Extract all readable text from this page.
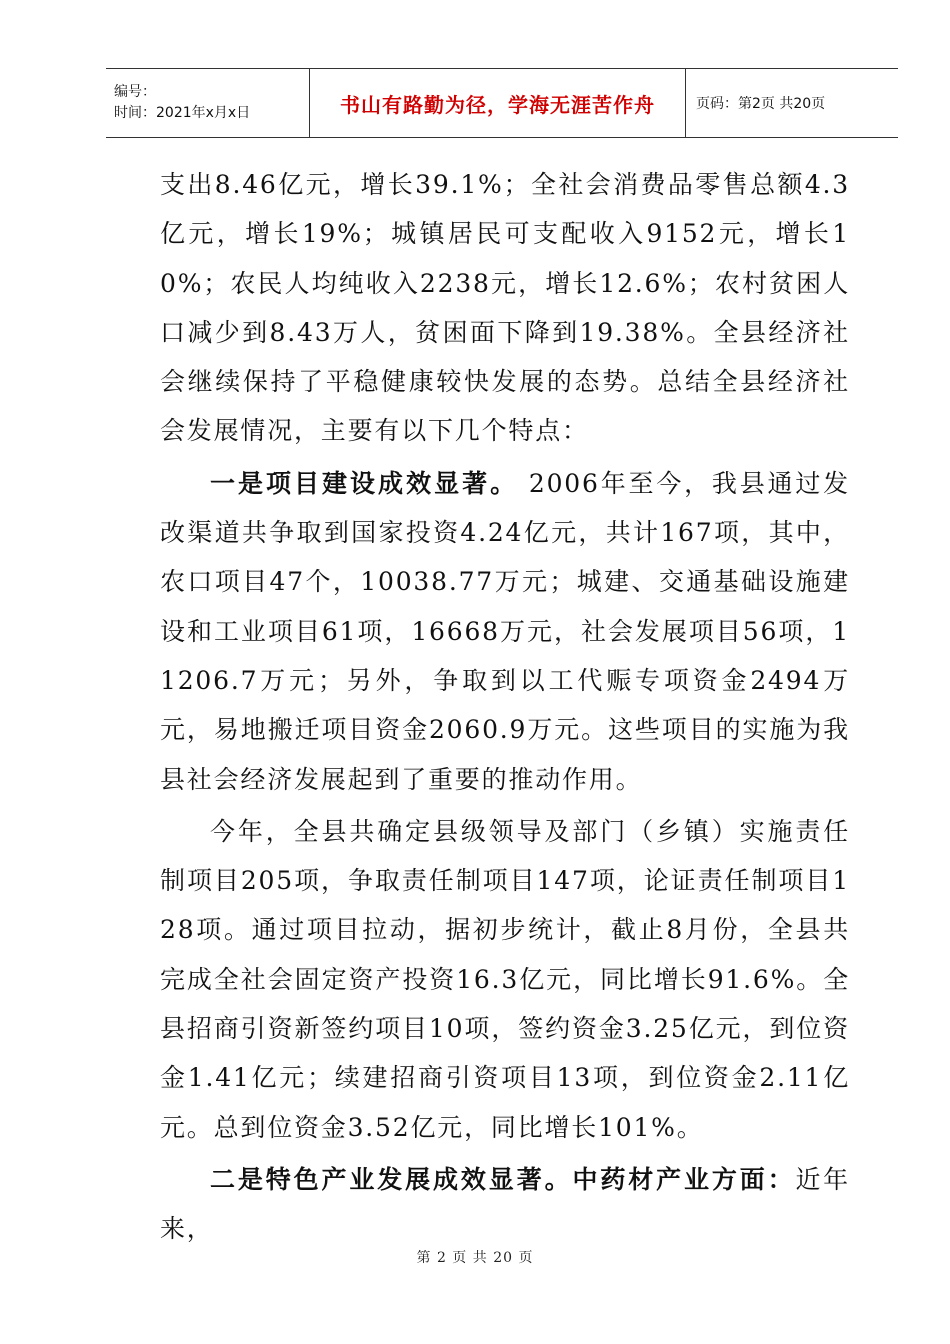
编号：
时间：2021年x月x日	书山有路勤为径，学海无涯苦作舟	页码：第2页 共20页

支出8.46亿元，增长39.1%；全社会消费品零售总额4.3亿元，增长19%；城镇居民可支配收入9152元，增长10%；农民人均纯收入2238元，增长12.6%；农村贫困人口减少到8.43万人，贫困面下降到19.38%。全县经济社会继续保持了平稳健康较快发展的态势。总结全县经济社会发展情况，主要有以下几个特点：

一是项目建设成效显著。 2006年至今，我县通过发改渠道共争取到国家投资4.24亿元，共计167项，其中，农口项目47个，10038.77万元；城建、交通基础设施建设和工业项目61项，16668万元，社会发展项目56项，11206.7万元；另外，争取到以工代赈专项资金2494万元，易地搬迁项目资金2060.9万元。这些项目的实施为我县社会经济发展起到了重要的推动作用。

今年，全县共确定县级领导及部门（乡镇）实施责任制项目205项，争取责任制项目147项，论证责任制项目128项。通过项目拉动，据初步统计，截止8月份，全县共完成全社会固定资产投资16.3亿元，同比增长91.6%。全县招商引资新签约项目10项，签约资金3.25亿元，到位资金1.41亿元；续建招商引资项目13项，到位资金2.11亿元。总到位资金3.52亿元，同比增长101%。

二是特色产业发展成效显著。中药材产业方面：近年来，

第 2 页 共 20 页
